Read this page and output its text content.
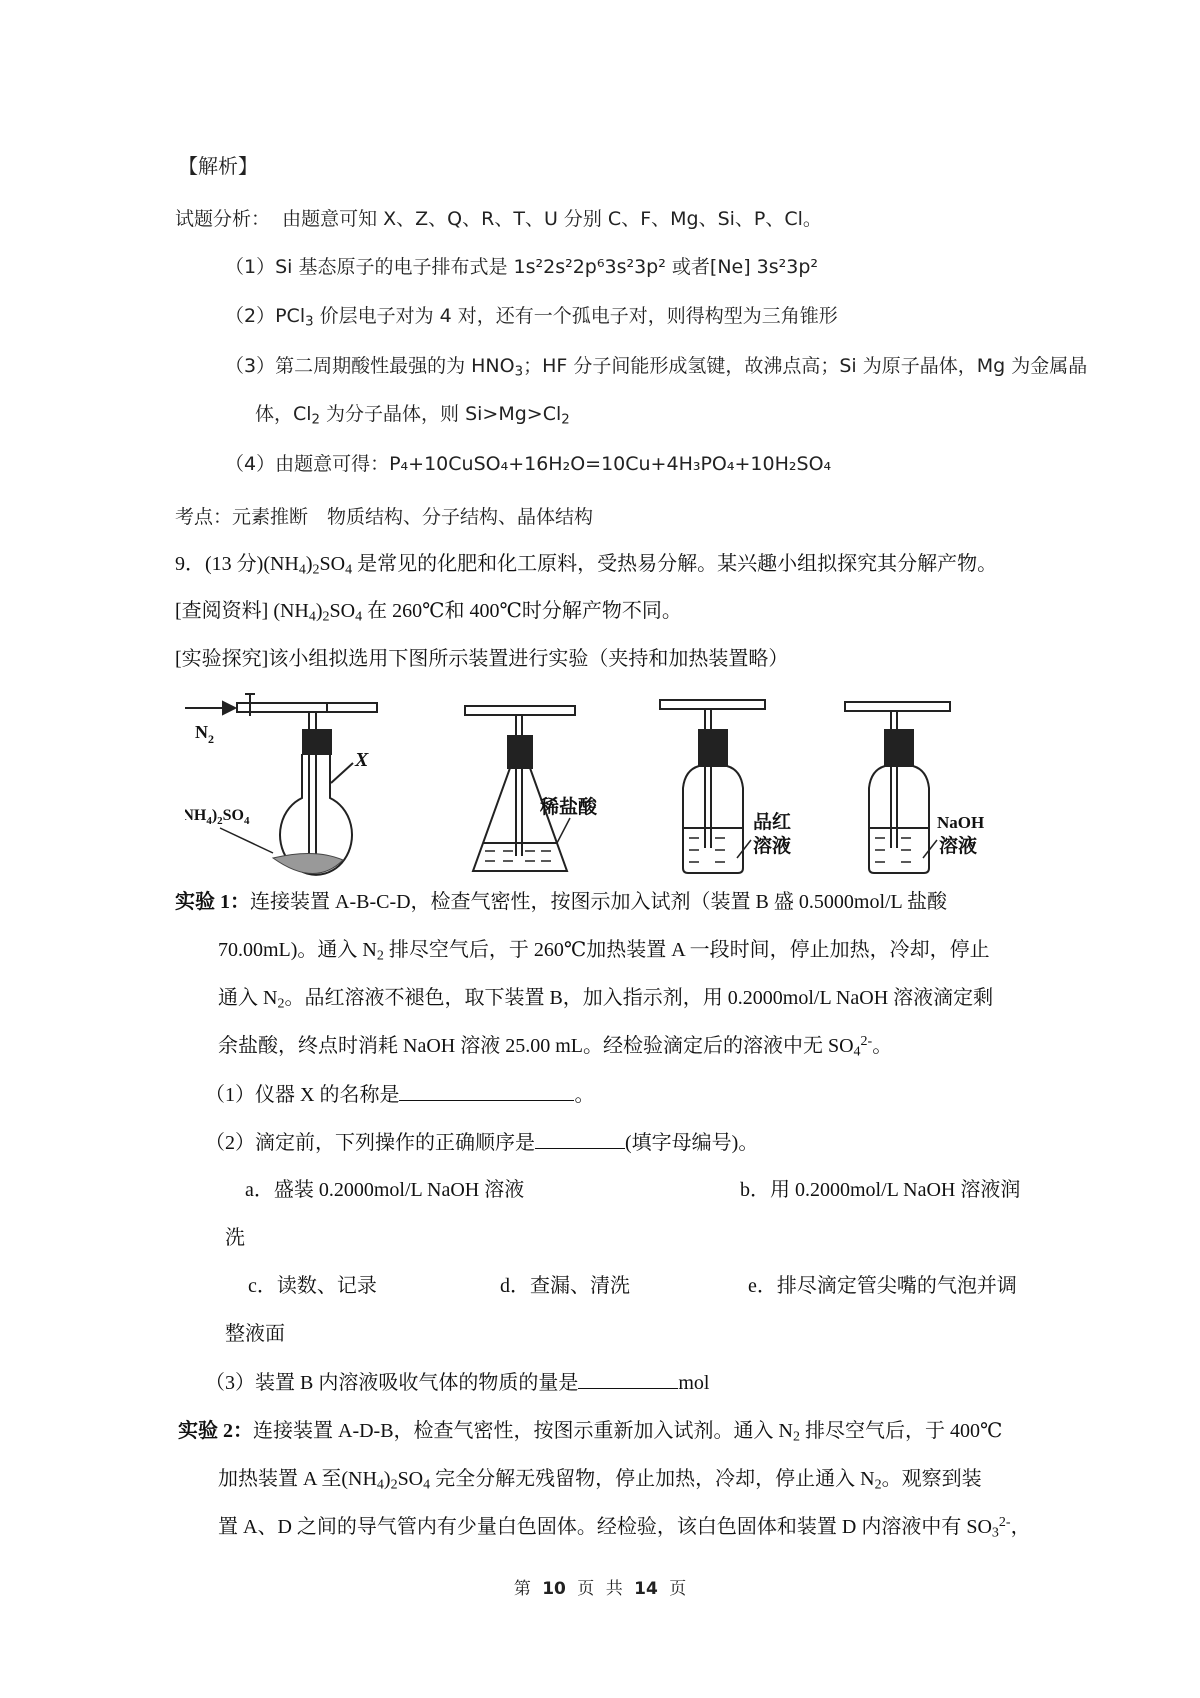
【解析】
试题分析： 由题意可知 X、Z、Q、R、T、U 分别 C、F、Mg、Si、P、Cl。
（1）Si 基态原子的电子排布式是 1s²2s²2p⁶3s²3p² 或者[Ne] 3s²3p²
（2）PCl$_3$ 价层电子对为 4 对，还有一个孤电子对，则得构型为三角锥形
（3）第二周期酸性最强的为 $HNO_3$；HF 分子间能形成氢键，故沸点高；Si 为原子晶体，Mg 为金属晶
体，$Cl_2$ 为分子晶体，则 $Si>Mg>Cl_2$
（4）由题意可得：P₄+10CuSO₄+16H₂O=10Cu+4H₃PO₄+10H₂SO₄
考点：元素推断　物质结构、分子结构、晶体结构
9．(13 分)$(NH_4)_2SO_4$ 是常见的化肥和化工原料，受热易分解。某兴趣小组拟探究其分解产物。
[查阅资料] $(NH_4)_2SO_4$ 在 260℃和 400℃时分解产物不同。
[实验探究]该小组拟选用下图所示装置进行实验（夹持和加热装置略）
$N_2$
X
$NH_4)_2SO_4$
稀盐酸
品红
溶液
NaOH
溶液
实验 1：连接装置 A-B-C-D，检查气密性，按图示加入试剂（装置 B 盛 0.5000mol/L 盐酸
70.00mL)。通入 $N_2$ 排尽空气后，于 260℃加热装置 A 一段时间，停止加热，冷却，停止
通入 $N_2$。品红溶液不褪色，取下装置 B，加入指示剂，用 0.2000mol/L NaOH 溶液滴定剩
余盐酸，终点时消耗 NaOH 溶液 25.00 mL。经检验滴定后的溶液中无 $SO_4^{2-}$。
（1）仪器 X 的名称是	。
（2）滴定前，下列操作的正确顺序是	(填字母编号)。
a．盛装 0.2000mol/L NaOH 溶液	b．用 0.2000mol/L NaOH 溶液润
洗
c．读数、记录	d．查漏、清洗	e．排尽滴定管尖嘴的气泡并调
整液面
（3）装置 B 内溶液吸收气体的物质的量是	mol
实验 2：连接装置 A-D-B，检查气密性，按图示重新加入试剂。通入 $N_2$ 排尽空气后，于 400℃
加热装置 A 至$(NH_4)_2SO_4$ 完全分解无残留物，停止加热，冷却，停止通入 $N_2$。观察到装
置 A、D 之间的导气管内有少量白色固体。经检验，该白色固体和装置 D 内溶液中有 $SO_3^{2-}$，
第 10 页 共 14 页
